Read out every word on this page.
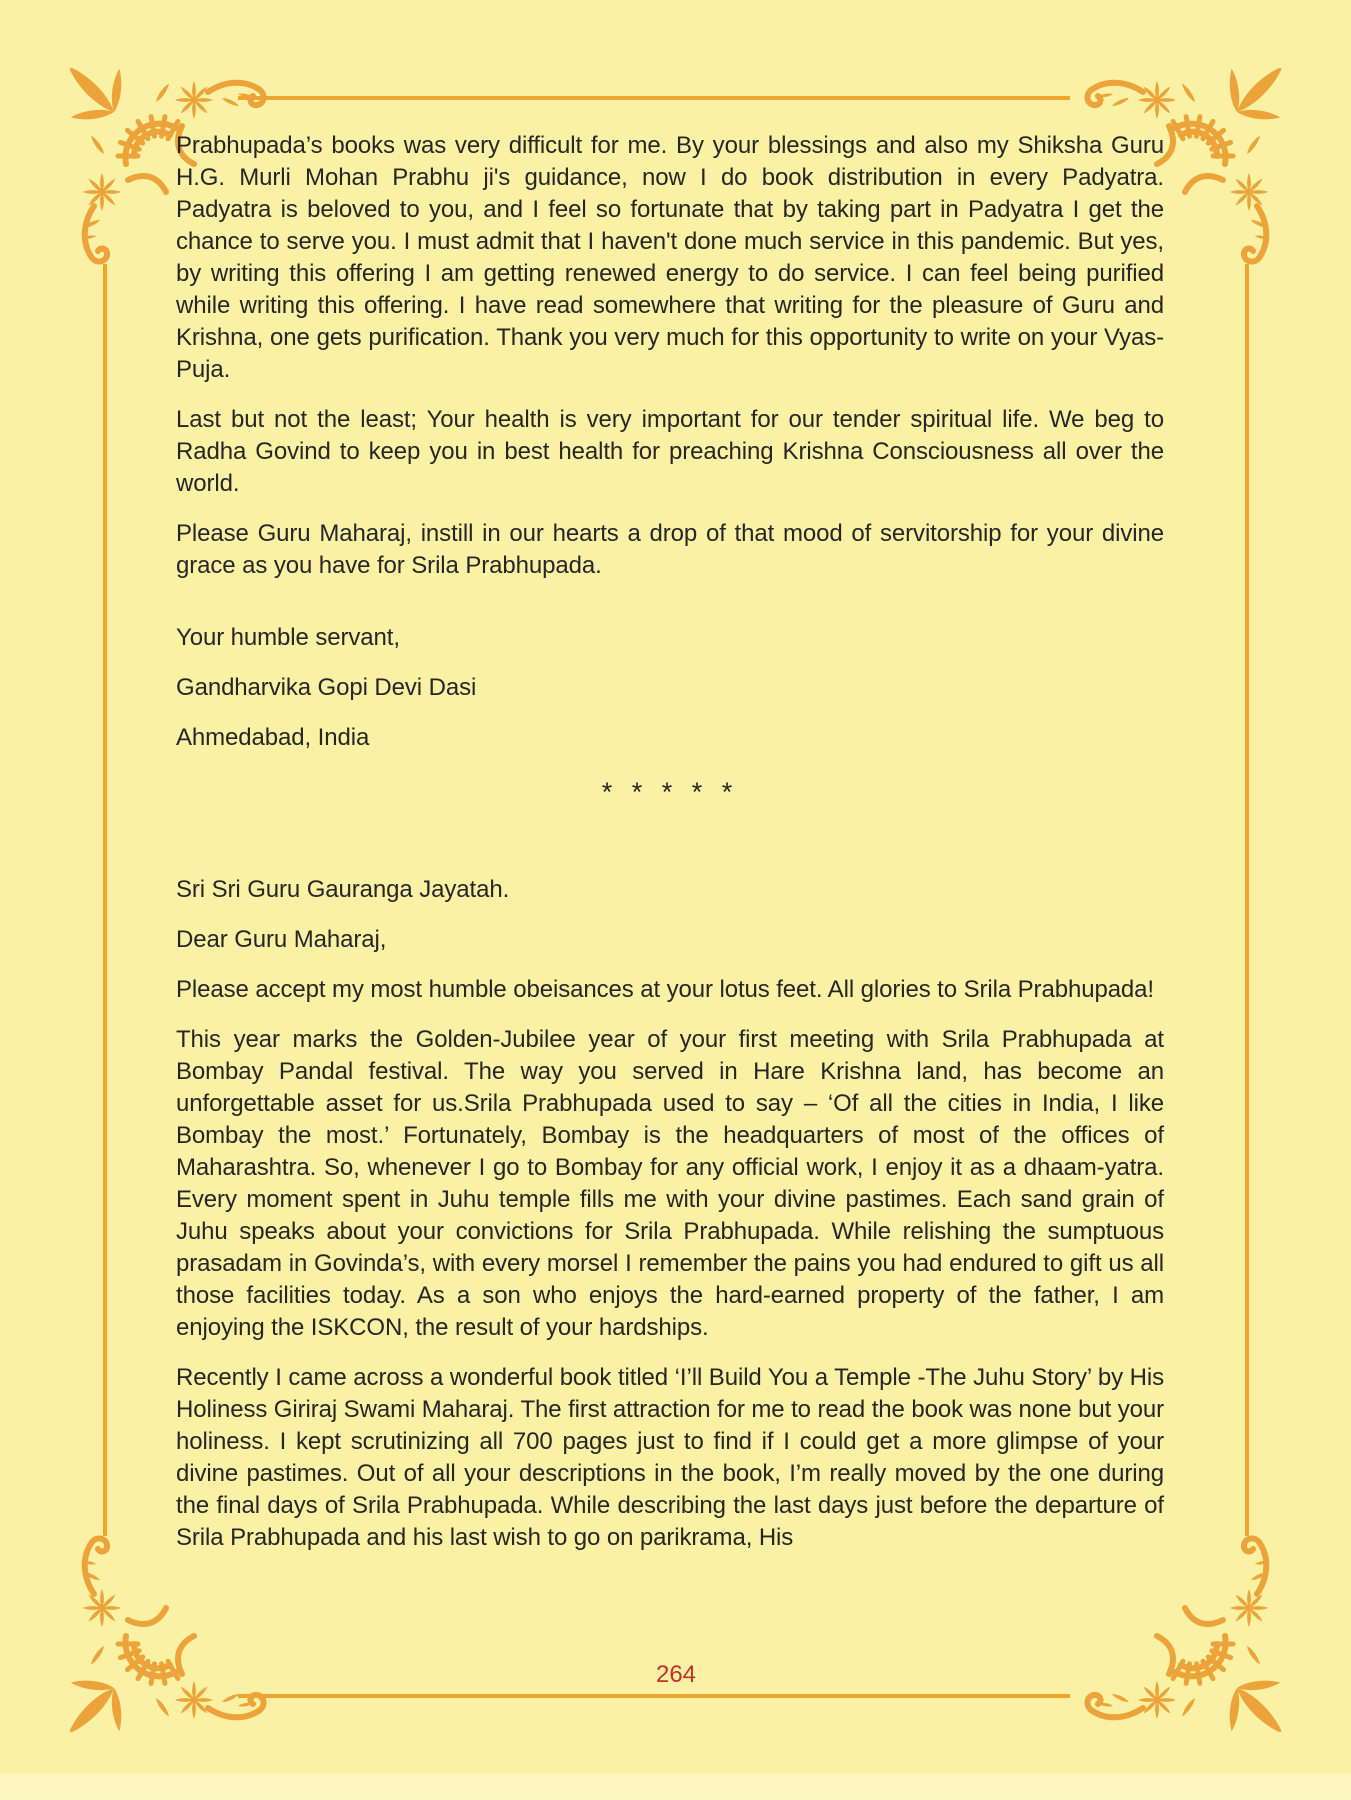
Prabhupada’s books was very difficult for me. By your blessings and also my Shiksha Guru H.G. Murli Mohan Prabhu ji's guidance, now I do book distribution in every Padyatra. Padyatra is beloved to you, and I feel so fortunate that by taking part in Padyatra I get the chance to serve you. I must admit that I haven't done much service in this pandemic. But yes, by writing this offering I am getting renewed energy to do service. I can feel being purified while writing this offering. I have read somewhere that writing for the pleasure of Guru and Krishna, one gets purification. Thank you very much for this opportunity to write on your Vyas-Puja.

Last but not the least; Your health is very important for our tender spiritual life. We beg to Radha Govind to keep you in best health for preaching Krishna Consciousness all over the world.

Please Guru Maharaj, instill in our hearts a drop of that mood of servitorship for your divine grace as you have for Srila Prabhupada.

Your humble servant,

Gandharvika Gopi Devi Dasi

Ahmedabad, India

* * * * *

Sri Sri Guru Gauranga Jayatah.

Dear Guru Maharaj,

Please accept my most humble obeisances at your lotus feet. All glories to Srila Prabhupada!

This year marks the Golden-Jubilee year of your first meeting with Srila Prabhupada at Bombay Pandal festival. The way you served in Hare Krishna land, has become an unforgettable asset for us.Srila Prabhupada used to say – ‘Of all the cities in India, I like Bombay the most.’ Fortunately, Bombay is the headquarters of most of the offices of Maharashtra. So, whenever I go to Bombay for any official work, I enjoy it as a dhaam-yatra. Every moment spent in Juhu temple fills me with your divine pastimes. Each sand grain of Juhu speaks about your convictions for Srila Prabhupada. While relishing the sumptuous prasadam in Govinda’s, with every morsel I remember the pains you had endured to gift us all those facilities today. As a son who enjoys the hard-earned property of the father, I am enjoying the ISKCON, the result of your hardships.

Recently I came across a wonderful book titled ‘I’ll Build You a Temple -The Juhu Story’ by His Holiness Giriraj Swami Maharaj. The first attraction for me to read the book was none but your holiness. I kept scrutinizing all 700 pages just to find if I could get a more glimpse of your divine pastimes. Out of all your descriptions in the book, I’m really moved by the one during the final days of Srila Prabhupada. While describing the last days just before the departure of Srila Prabhupada and his last wish to go on parikrama, His

264
